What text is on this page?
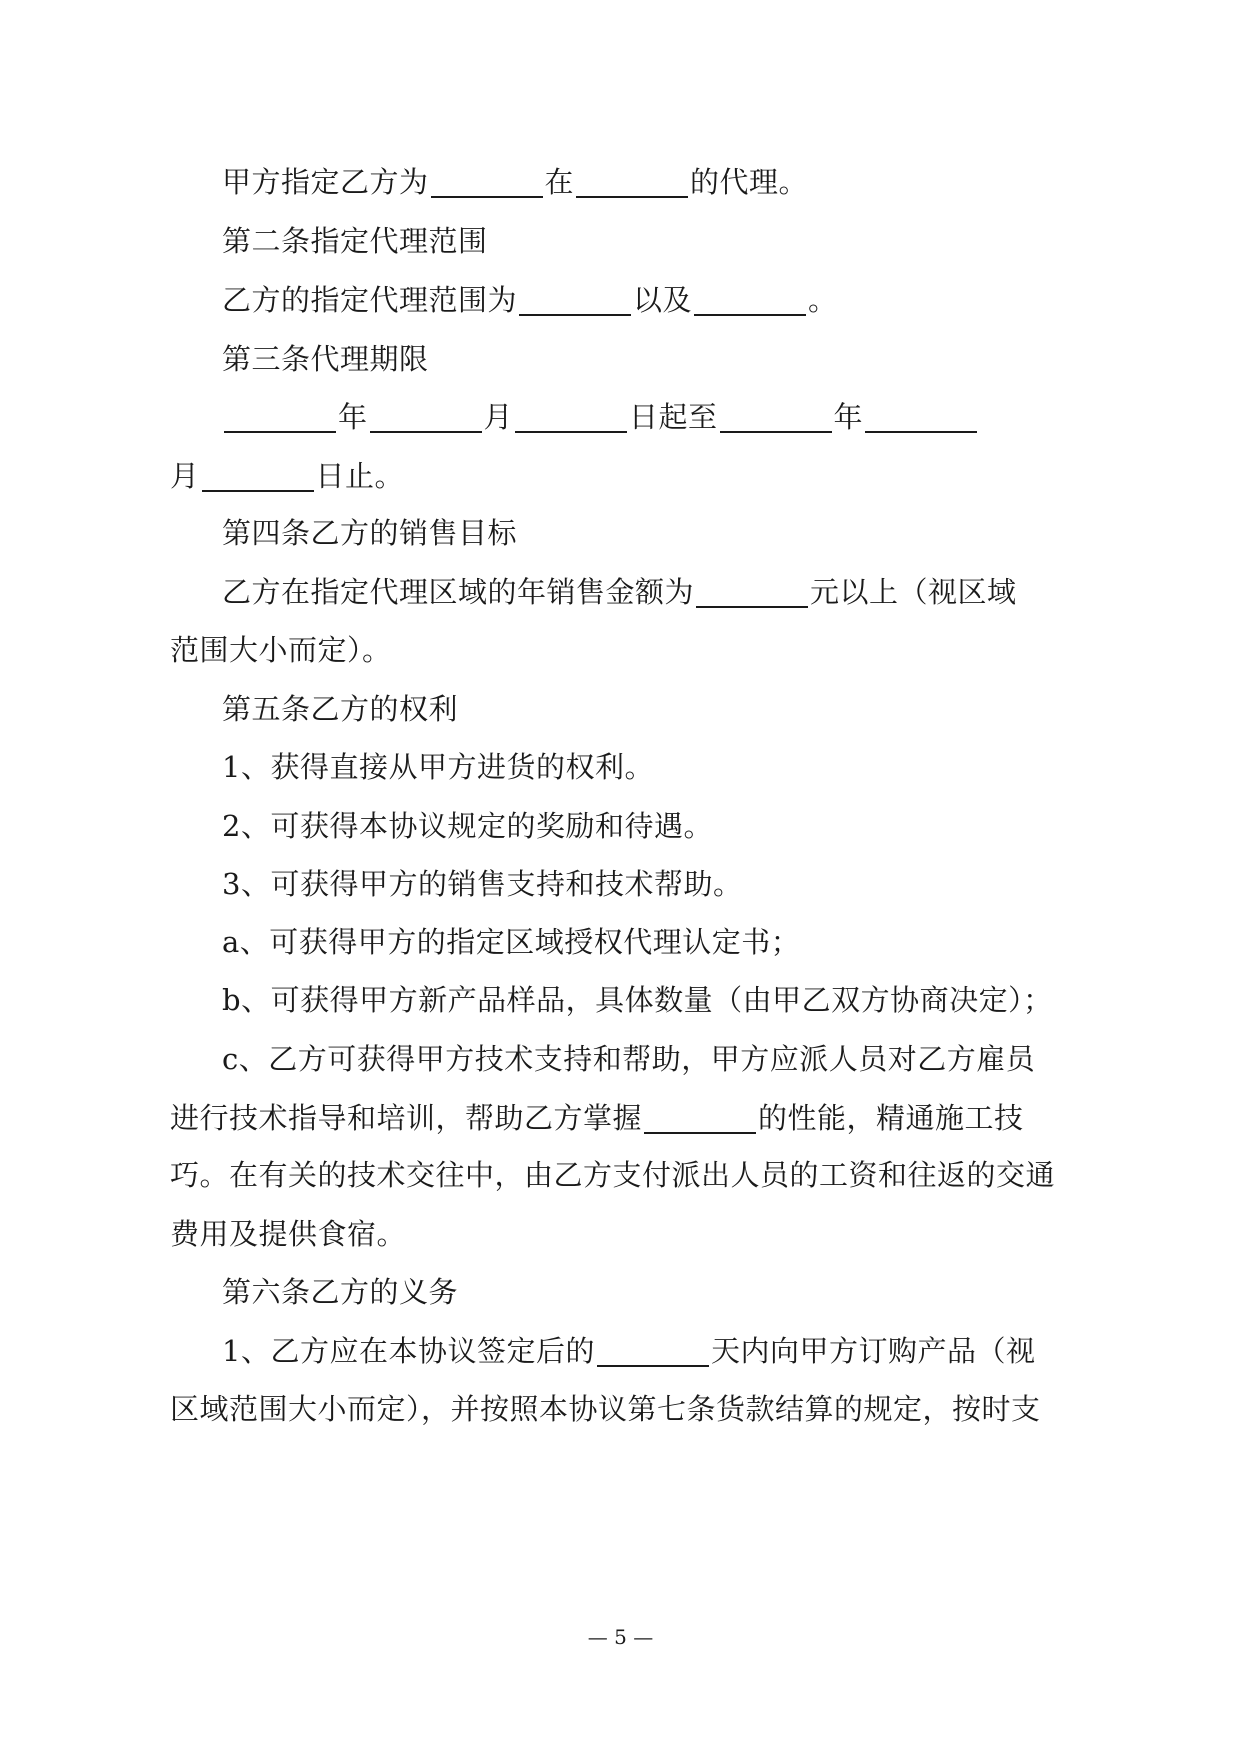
甲方指定乙方为	在	的代理。
第二条指定代理范围
乙方的指定代理范围为	以及	。
第三条代理期限
年	月	日起至	年
月	日止。
第四条乙方的销售目标
乙方在指定代理区域的年销售金额为	元以上（视区域
范围大小而定）。
第五条乙方的权利
1、获得直接从甲方进货的权利。
2、可获得本协议规定的奖励和待遇。
3、可获得甲方的销售支持和技术帮助。
a、可获得甲方的指定区域授权代理认定书；
b、可获得甲方新产品样品，具体数量（由甲乙双方协商决定）；
c、乙方可获得甲方技术支持和帮助，甲方应派人员对乙方雇员
进行技术指导和培训，帮助乙方掌握	的性能，精通施工技
巧。在有关的技术交往中，由乙方支付派出人员的工资和往返的交通
费用及提供食宿。
第六条乙方的义务
1、乙方应在本协议签定后的	天内向甲方订购产品（视
区域范围大小而定），并按照本协议第七条货款结算的规定，按时支
— 5 —
